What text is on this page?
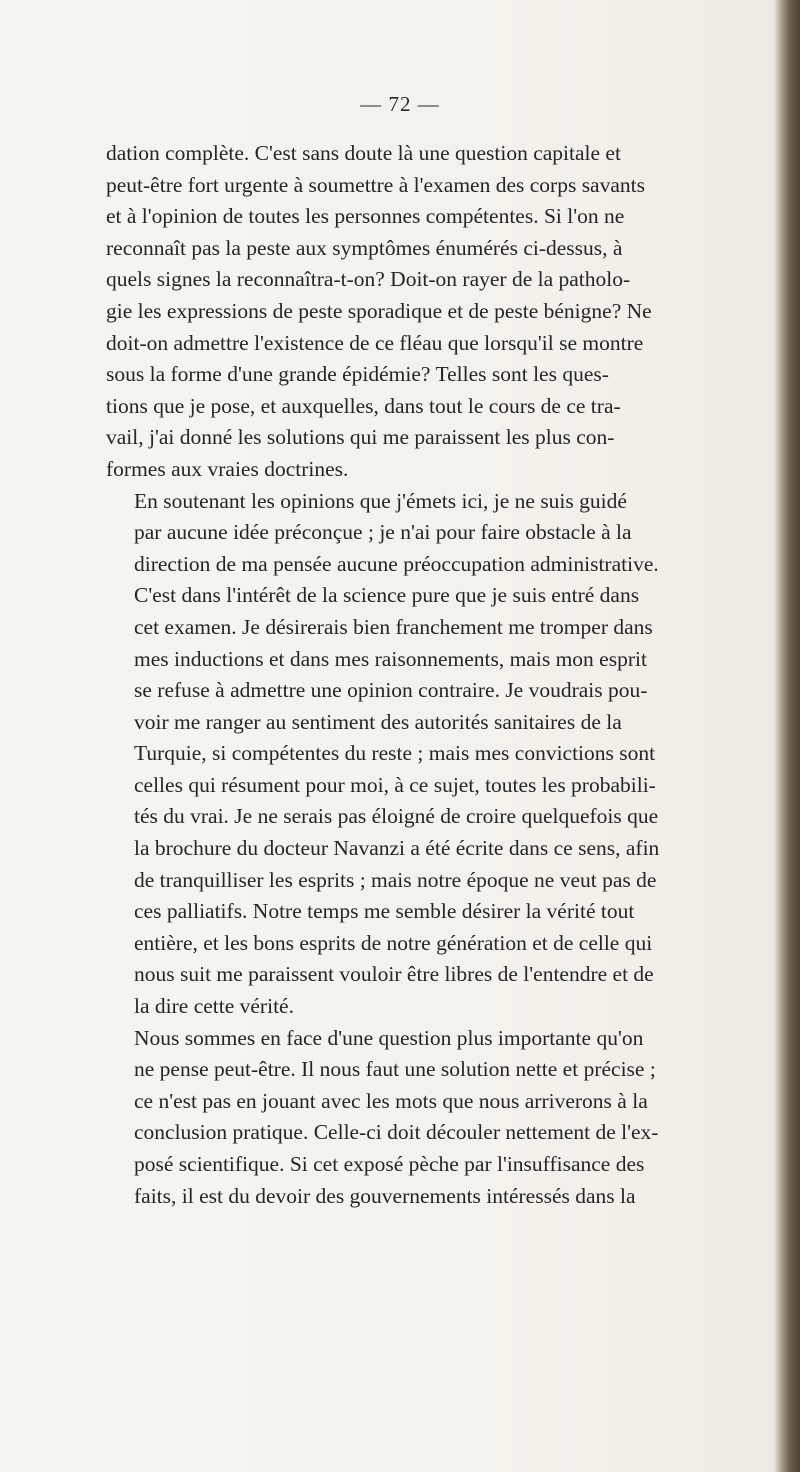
— 72 —

dation complète. C'est sans doute là une question capitale et
peut-être fort urgente à soumettre à l'examen des corps savants
et à l'opinion de toutes les personnes compétentes. Si l'on ne
reconnaît pas la peste aux symptômes énumérés ci-dessus, à
quels signes la reconnaîtra-t-on? Doit-on rayer de la patholo-
gie les expressions de peste sporadique et de peste bénigne? Ne
doit-on admettre l'existence de ce fléau que lorsqu'il se montre
sous la forme d'une grande épidémie? Telles sont les ques-
tions que je pose, et auxquelles, dans tout le cours de ce tra-
vail, j'ai donné les solutions qui me paraissent les plus con-
formes aux vraies doctrines.

En soutenant les opinions que j'émets ici, je ne suis guidé
par aucune idée préconçue ; je n'ai pour faire obstacle à la
direction de ma pensée aucune préoccupation administrative.
C'est dans l'intérêt de la science pure que je suis entré dans
cet examen. Je désirerais bien franchement me tromper dans
mes inductions et dans mes raisonnements, mais mon esprit
se refuse à admettre une opinion contraire. Je voudrais pou-
voir me ranger au sentiment des autorités sanitaires de la
Turquie, si compétentes du reste ; mais mes convictions sont
celles qui résument pour moi, à ce sujet, toutes les probabili-
tés du vrai. Je ne serais pas éloigné de croire quelquefois que
la brochure du docteur Navanzi a été écrite dans ce sens, afin
de tranquilliser les esprits ; mais notre époque ne veut pas de
ces palliatifs. Notre temps me semble désirer la vérité tout
entière, et les bons esprits de notre génération et de celle qui
nous suit me paraissent vouloir être libres de l'entendre et de
la dire cette vérité.

Nous sommes en face d'une question plus importante qu'on
ne pense peut-être. Il nous faut une solution nette et précise ;
ce n'est pas en jouant avec les mots que nous arriverons à la
conclusion pratique. Celle-ci doit découler nettement de l'ex-
posé scientifique. Si cet exposé pèche par l'insuffisance des
faits, il est du devoir des gouvernements intéressés dans la
